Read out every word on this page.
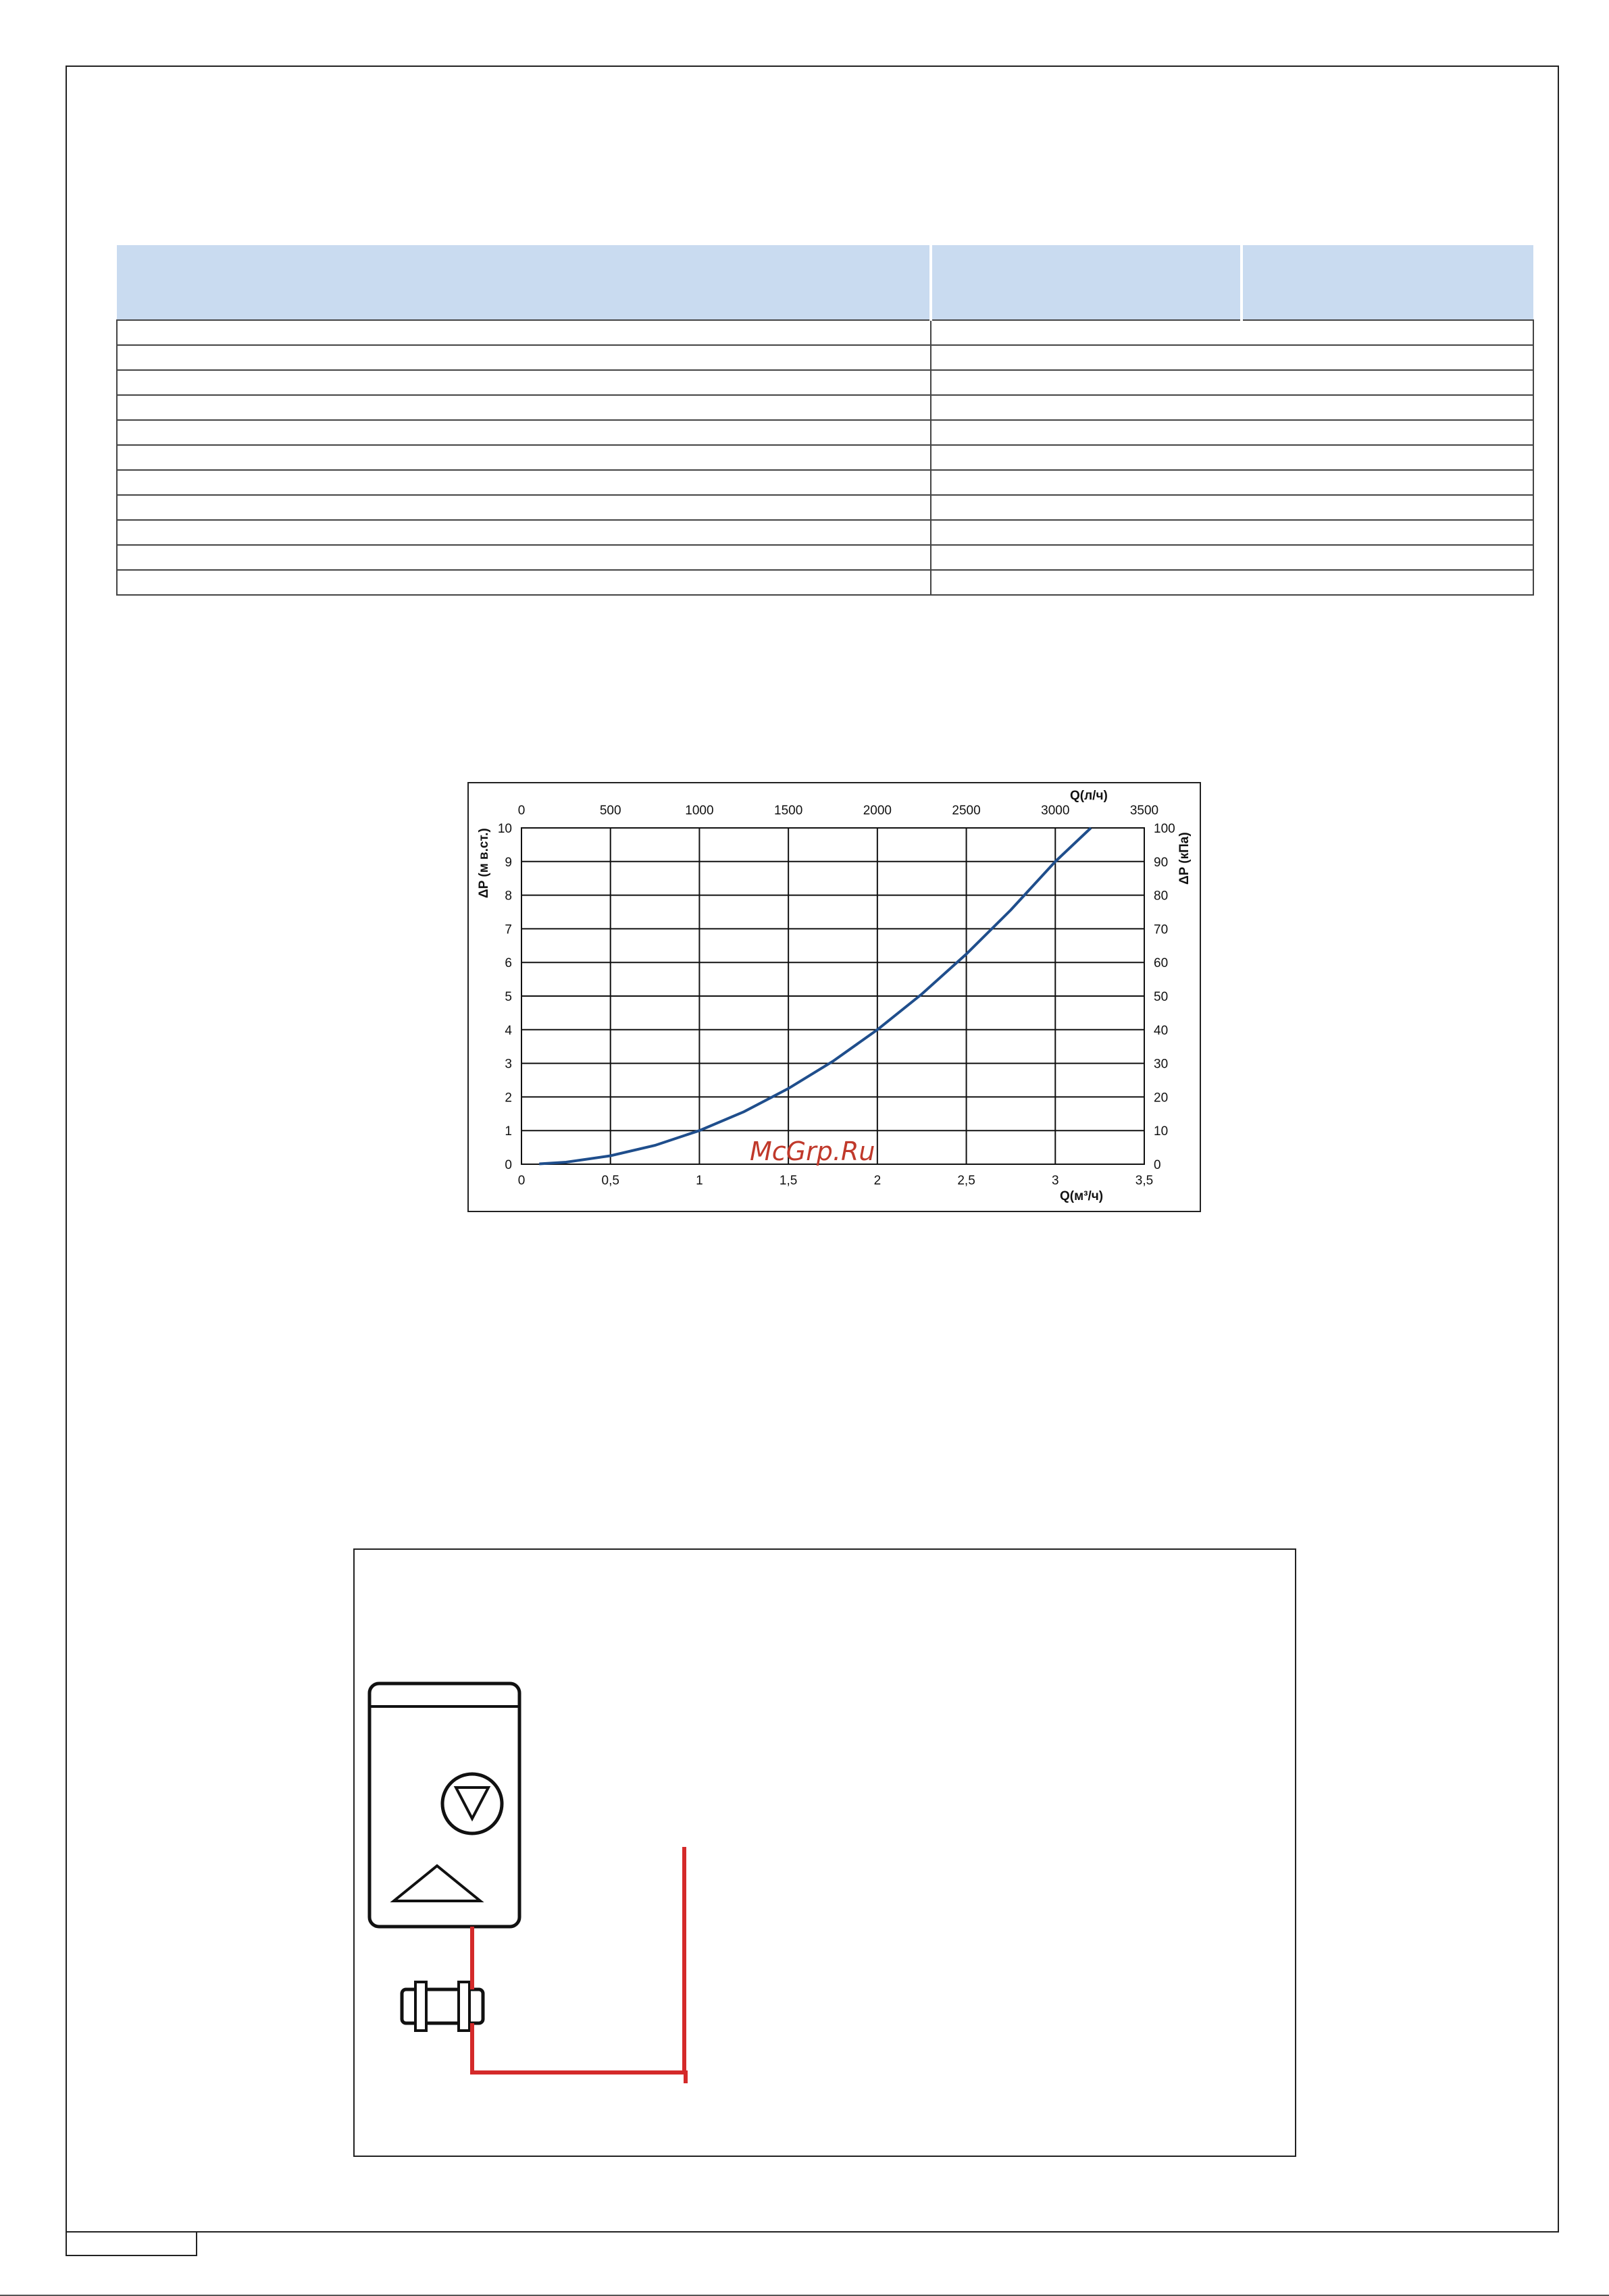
0
0
500
0,5
1000
1
1500
1,5
2000
2
2500
2,5
3000
3
3500
3,5
0	0
1	10
2	20
3	30
4	40
5	50
6	60
7	70
8	80
9	90
10	100
Q(л/ч)
Q(м³/ч)
ΔP (м в.ст.)	ΔP (кПа)
McGrp.Ru
